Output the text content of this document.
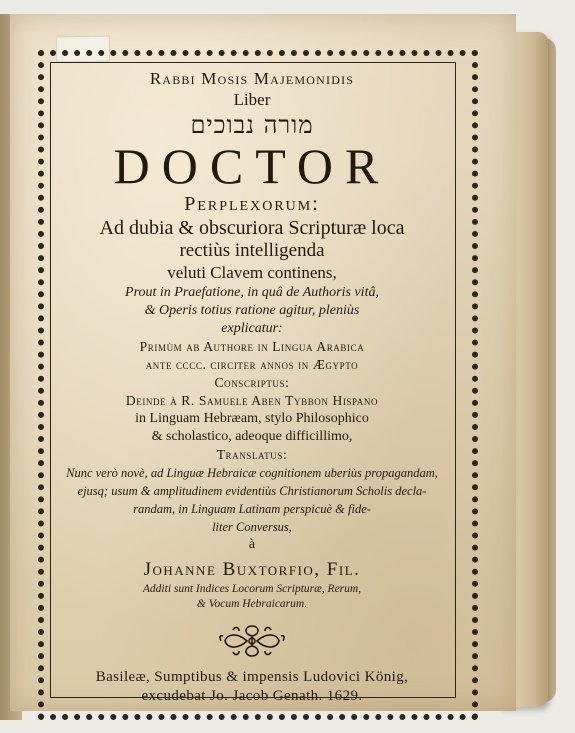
Rabbi Mosis Majemonidis
Liber
מורה נבוכים
DOCTOR
Perplexorum:
Ad dubia & obscuriora Scripturæ loca
rectiùs intelligenda
veluti Clavem continens,
Prout in Praefatione, in quâ de Authoris vitâ,
& Operis totius ratione agitur, pleniùs
explicatur:
Primùm ab Authore in Lingua Arabica
ante cccc. circiter annos in Ægypto
Conscriptus:
Deinde à R. Samuele Aben Tybbon Hispano
in Linguam Hebræam, stylo Philosophico
& scholastico, adeoque difficillimo,
Translatus:
Nunc verò novè, ad Linguæ Hebraicæ cognitionem uberiùs propagandam,
ejusq; usum & amplitudinem evidentiùs Christianorum Scholis decla-
randam, in Linguam Latinam perspicuè & fide-
liter Conversus,
à
Johanne Buxtorfio, Fil.
Additi sunt Indices Locorum Scripturæ, Rerum,
& Vocum Hebraicarum.
Basileæ, Sumptibus & impensis Ludovici König,
excudebat Jo. Jacob Genath. 1629.
